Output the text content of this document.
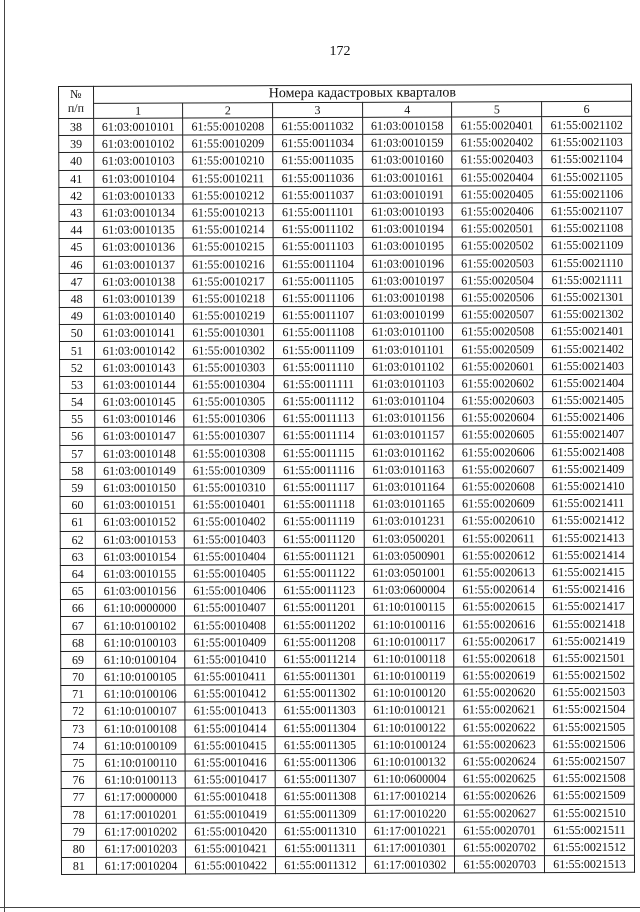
172
№
п/п	Номера кадастровых кварталов					
	1	2	3	4	5	6
38	61:03:0010101	61:55:0010208	61:55:0011032	61:03:0010158	61:55:0020401	61:55:0021102
39	61:03:0010102	61:55:0010209	61:55:0011034	61:03:0010159	61:55:0020402	61:55:0021103
40	61:03:0010103	61:55:0010210	61:55:0011035	61:03:0010160	61:55:0020403	61:55:0021104
41	61:03:0010104	61:55:0010211	61:55:0011036	61:03:0010161	61:55:0020404	61:55:0021105
42	61:03:0010133	61:55:0010212	61:55:0011037	61:03:0010191	61:55:0020405	61:55:0021106
43	61:03:0010134	61:55:0010213	61:55:0011101	61:03:0010193	61:55:0020406	61:55:0021107
44	61:03:0010135	61:55:0010214	61:55:0011102	61:03:0010194	61:55:0020501	61:55:0021108
45	61:03:0010136	61:55:0010215	61:55:0011103	61:03:0010195	61:55:0020502	61:55:0021109
46	61:03:0010137	61:55:0010216	61:55:0011104	61:03:0010196	61:55:0020503	61:55:0021110
47	61:03:0010138	61:55:0010217	61:55:0011105	61:03:0010197	61:55:0020504	61:55:0021111
48	61:03:0010139	61:55:0010218	61:55:0011106	61:03:0010198	61:55:0020506	61:55:0021301
49	61:03:0010140	61:55:0010219	61:55:0011107	61:03:0010199	61:55:0020507	61:55:0021302
50	61:03:0010141	61:55:0010301	61:55:0011108	61:03:0101100	61:55:0020508	61:55:0021401
51	61:03:0010142	61:55:0010302	61:55:0011109	61:03:0101101	61:55:0020509	61:55:0021402
52	61:03:0010143	61:55:0010303	61:55:0011110	61:03:0101102	61:55:0020601	61:55:0021403
53	61:03:0010144	61:55:0010304	61:55:0011111	61:03:0101103	61:55:0020602	61:55:0021404
54	61:03:0010145	61:55:0010305	61:55:0011112	61:03:0101104	61:55:0020603	61:55:0021405
55	61:03:0010146	61:55:0010306	61:55:0011113	61:03:0101156	61:55:0020604	61:55:0021406
56	61:03:0010147	61:55:0010307	61:55:0011114	61:03:0101157	61:55:0020605	61:55:0021407
57	61:03:0010148	61:55:0010308	61:55:0011115	61:03:0101162	61:55:0020606	61:55:0021408
58	61:03:0010149	61:55:0010309	61:55:0011116	61:03:0101163	61:55:0020607	61:55:0021409
59	61:03:0010150	61:55:0010310	61:55:0011117	61:03:0101164	61:55:0020608	61:55:0021410
60	61:03:0010151	61:55:0010401	61:55:0011118	61:03:0101165	61:55:0020609	61:55:0021411
61	61:03:0010152	61:55:0010402	61:55:0011119	61:03:0101231	61:55:0020610	61:55:0021412
62	61:03:0010153	61:55:0010403	61:55:0011120	61:03:0500201	61:55:0020611	61:55:0021413
63	61:03:0010154	61:55:0010404	61:55:0011121	61:03:0500901	61:55:0020612	61:55:0021414
64	61:03:0010155	61:55:0010405	61:55:0011122	61:03:0501001	61:55:0020613	61:55:0021415
65	61:03:0010156	61:55:0010406	61:55:0011123	61:03:0600004	61:55:0020614	61:55:0021416
66	61:10:0000000	61:55:0010407	61:55:0011201	61:10:0100115	61:55:0020615	61:55:0021417
67	61:10:0100102	61:55:0010408	61:55:0011202	61:10:0100116	61:55:0020616	61:55:0021418
68	61:10:0100103	61:55:0010409	61:55:0011208	61:10:0100117	61:55:0020617	61:55:0021419
69	61:10:0100104	61:55:0010410	61:55:0011214	61:10:0100118	61:55:0020618	61:55:0021501
70	61:10:0100105	61:55:0010411	61:55:0011301	61:10:0100119	61:55:0020619	61:55:0021502
71	61:10:0100106	61:55:0010412	61:55:0011302	61:10:0100120	61:55:0020620	61:55:0021503
72	61:10:0100107	61:55:0010413	61:55:0011303	61:10:0100121	61:55:0020621	61:55:0021504
73	61:10:0100108	61:55:0010414	61:55:0011304	61:10:0100122	61:55:0020622	61:55:0021505
74	61:10:0100109	61:55:0010415	61:55:0011305	61:10:0100124	61:55:0020623	61:55:0021506
75	61:10:0100110	61:55:0010416	61:55:0011306	61:10:0100132	61:55:0020624	61:55:0021507
76	61:10:0100113	61:55:0010417	61:55:0011307	61:10:0600004	61:55:0020625	61:55:0021508
77	61:17:0000000	61:55:0010418	61:55:0011308	61:17:0010214	61:55:0020626	61:55:0021509
78	61:17:0010201	61:55:0010419	61:55:0011309	61:17:0010220	61:55:0020627	61:55:0021510
79	61:17:0010202	61:55:0010420	61:55:0011310	61:17:0010221	61:55:0020701	61:55:0021511
80	61:17:0010203	61:55:0010421	61:55:0011311	61:17:0010301	61:55:0020702	61:55:0021512
81	61:17:0010204	61:55:0010422	61:55:0011312	61:17:0010302	61:55:0020703	61:55:0021513
